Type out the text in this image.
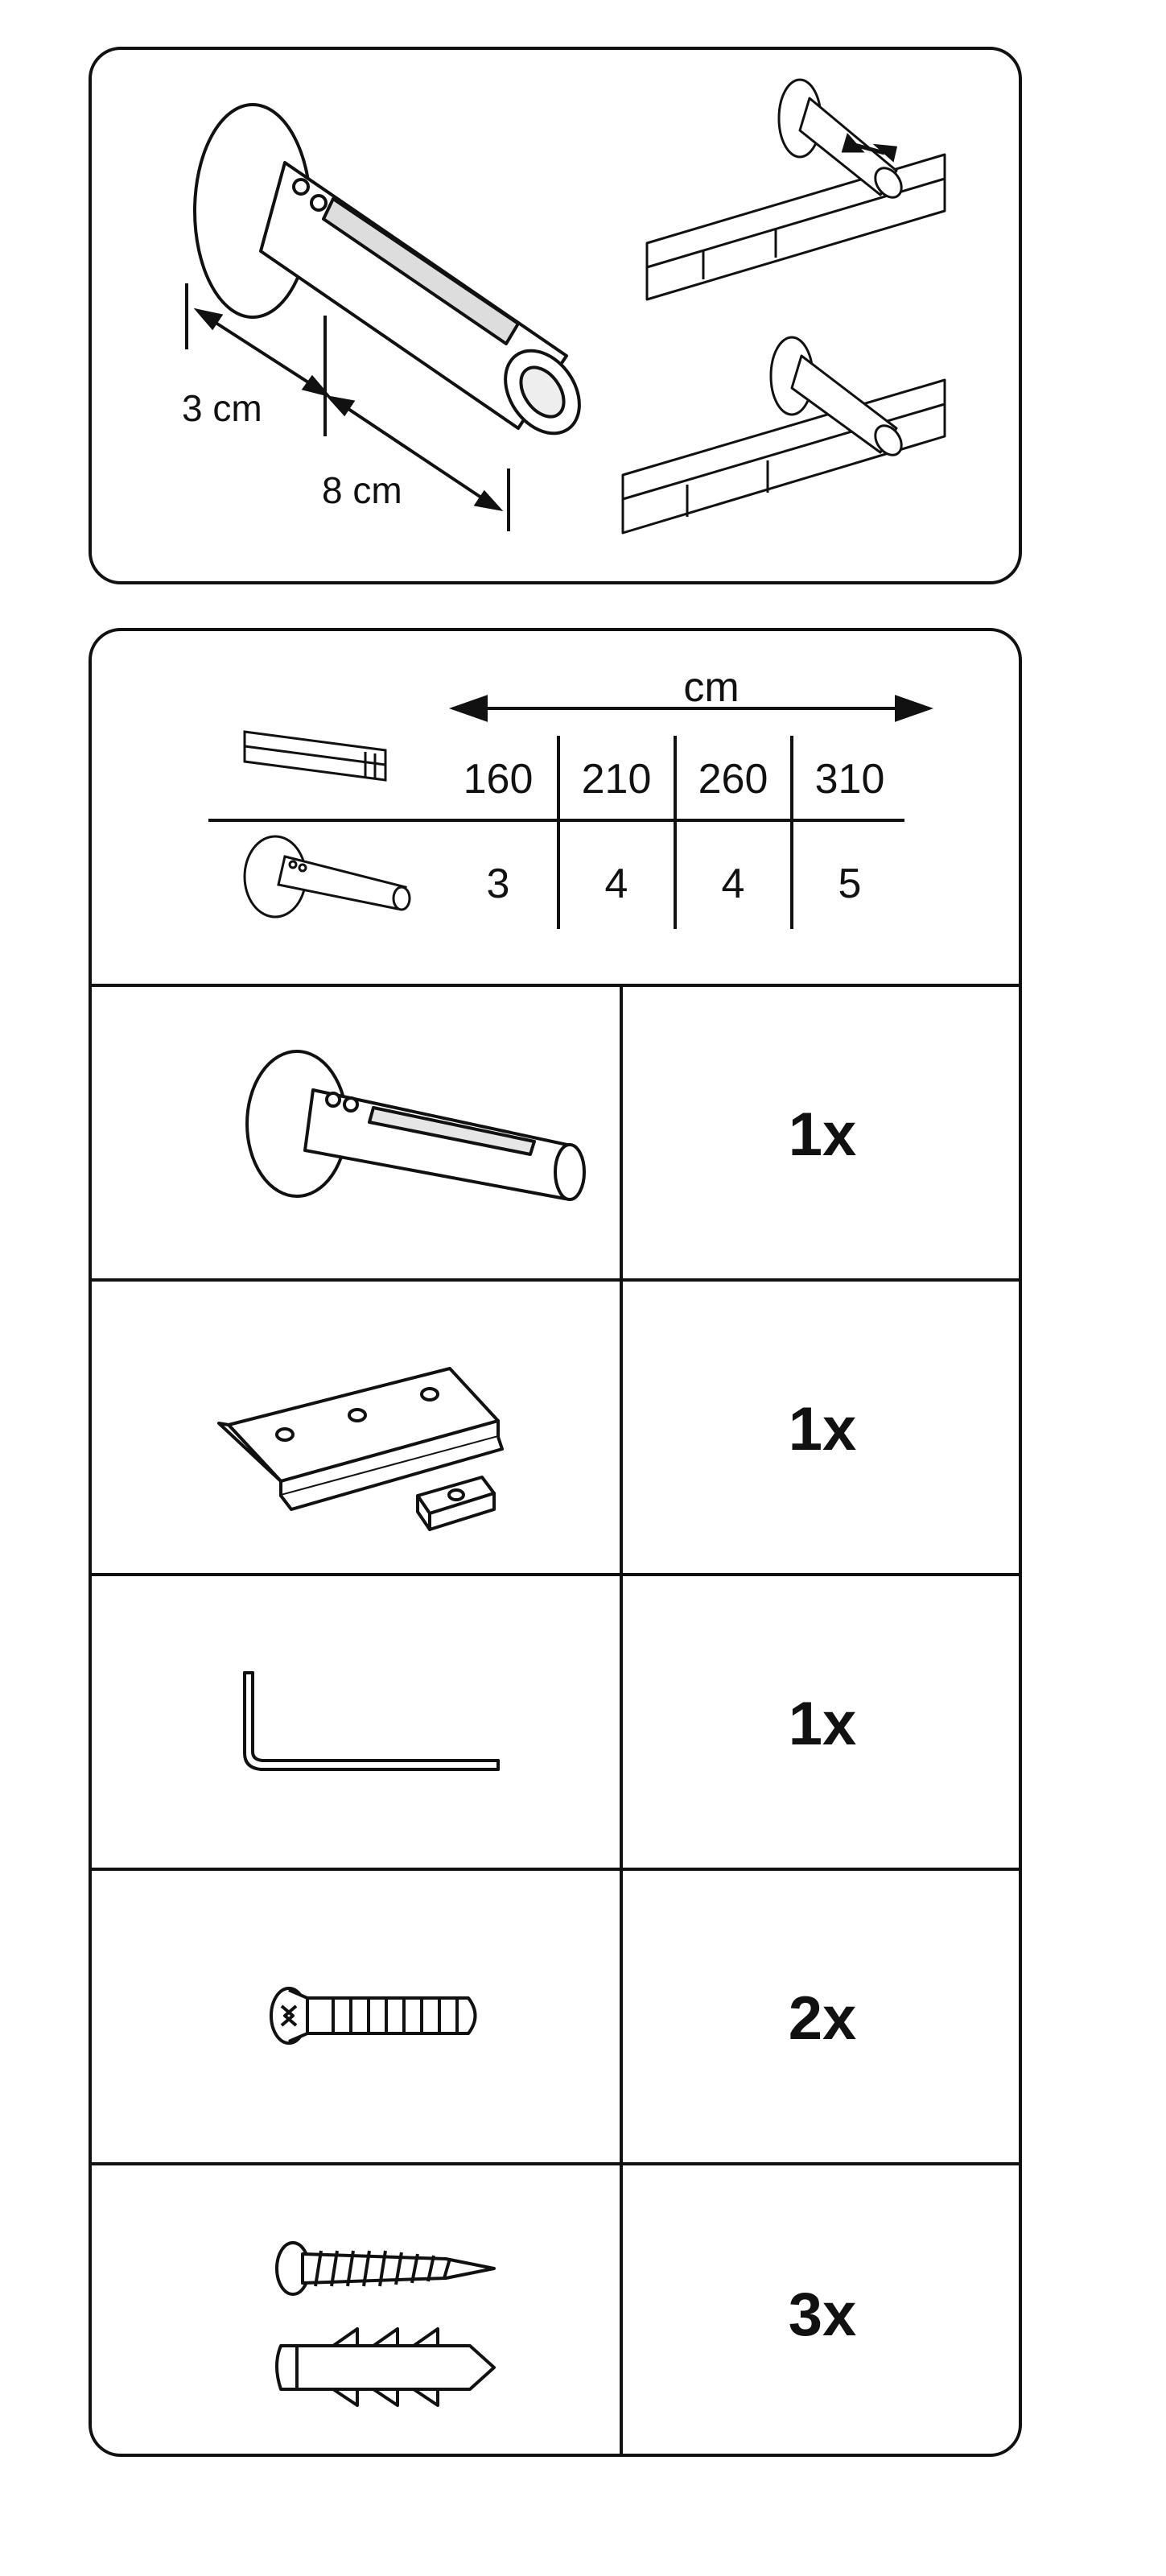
3 cm
8 cm
cm
160	210	260	310
3	4	4	5
1x
1x
1x
2x
3x
